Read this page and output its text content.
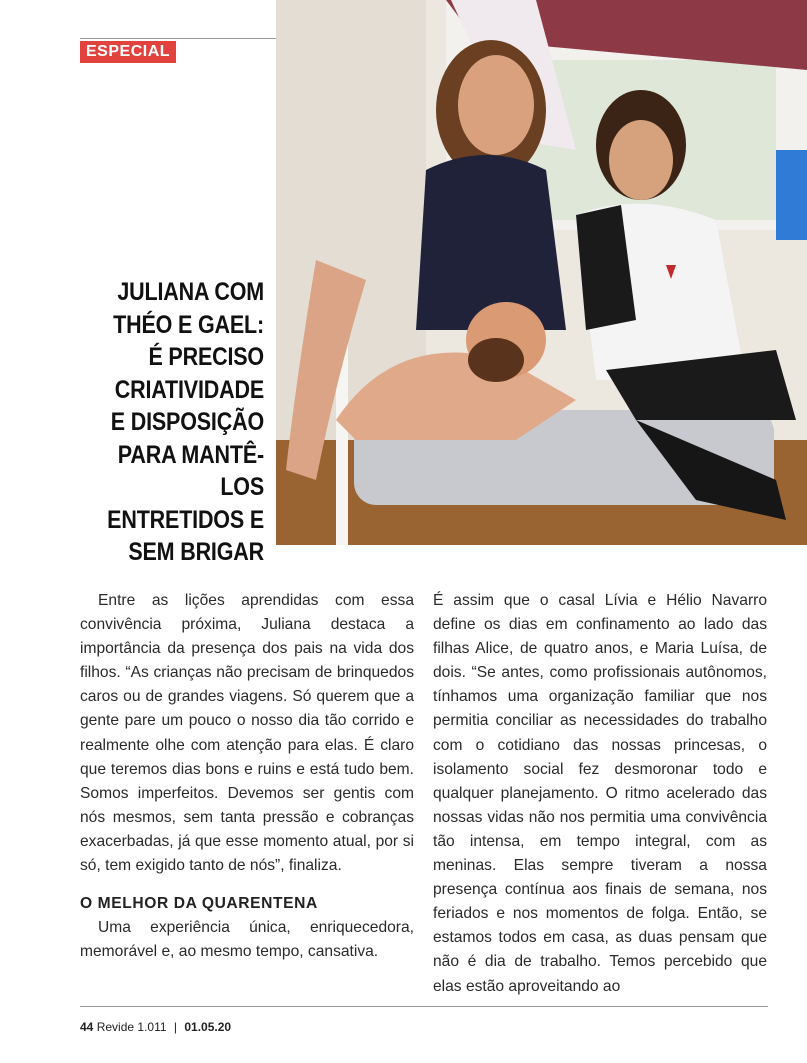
ESPECIAL
JULIANA COM
THÉO E GAEL:
É PRECISO
CRIATIVIDADE
E DISPOSIÇÃO
PARA MANTÊ-LOS
ENTRETIDOS E
SEM BRIGAR

Entre as lições aprendidas com essa convivência próxima, Juliana destaca a importância da presença dos pais na vida dos filhos. “As crianças não precisam de brinquedos caros ou de grandes viagens. Só querem que a gente pare um pouco o nosso dia tão corrido e realmente olhe com atenção para elas. É claro que teremos dias bons e ruins e está tudo bem. Somos imperfeitos. Devemos ser gentis com nós mesmos, sem tanta pressão e cobranças exacerbadas, já que esse momento atual, por si só, tem exigido tanto de nós”, finaliza.

O MELHOR DA QUARENTENA

Uma experiência única, enriquecedora, memorável e, ao mesmo tempo, cansativa.

É assim que o casal Lívia e Hélio Navarro define os dias em confinamento ao lado das filhas Alice, de quatro anos, e Maria Luísa, de dois. “Se antes, como profissionais autônomos, tínhamos uma organização familiar que nos permitia conciliar as necessidades do trabalho com o cotidiano das nossas princesas, o isolamento social fez desmoronar todo e qualquer planejamento. O ritmo acelerado das nossas vidas não nos permitia uma convivência tão intensa, em tempo integral, com as meninas. Elas sempre tiveram a nossa presença contínua aos finais de semana, nos feriados e nos momentos de folga. Então, se estamos todos em casa, as duas pensam que não é dia de trabalho. Temos percebido que elas estão aproveitando ao

44 Revide 1.011 | 01.05.20
